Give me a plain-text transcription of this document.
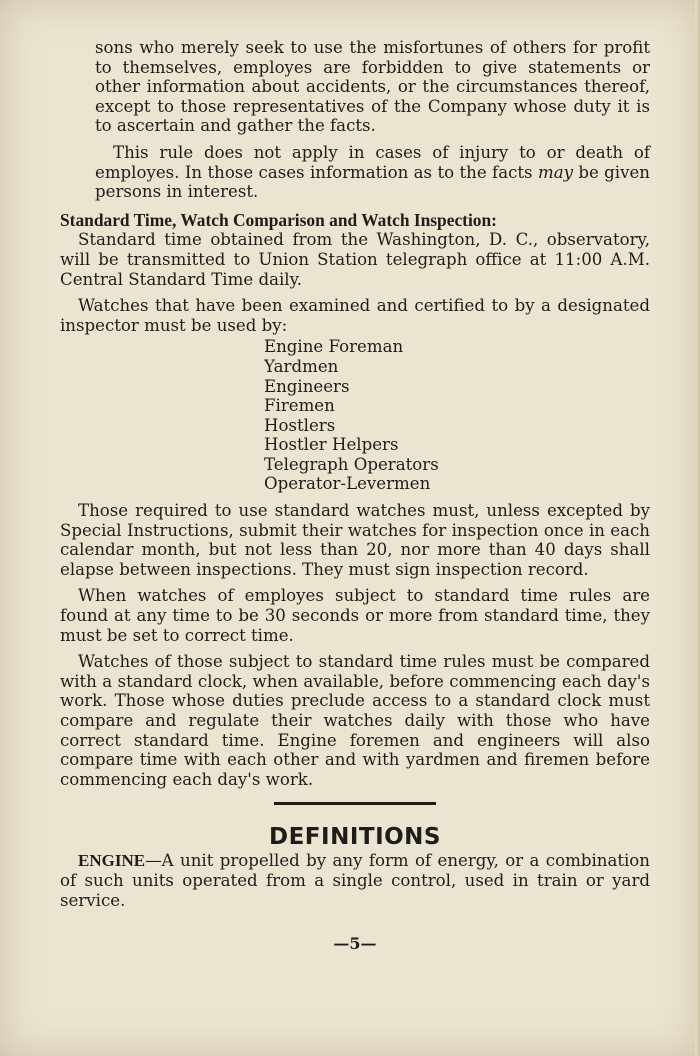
sons who merely seek to use the misfortunes of others for profit to themselves, employes are forbidden to give statements or other information about accidents, or the circumstances thereof, except to those representatives of the Company whose duty it is to ascertain and gather the facts.

This rule does not apply in cases of injury to or death of employes. In those cases information as to the facts may be given persons in interest.

Standard Time, Watch Comparison and Watch Inspection:

Standard time obtained from the Washington, D. C., observatory, will be transmitted to Union Station telegraph office at 11:00 A.M. Central Standard Time daily.

Watches that have been examined and certified to by a designated inspector must be used by:

Engine Foreman
Yardmen
Engineers
Firemen
Hostlers
Hostler Helpers
Telegraph Operators
Operator-Levermen

Those required to use standard watches must, unless excepted by Special Instructions, submit their watches for inspection once in each calendar month, but not less than 20, nor more than 40 days shall elapse between inspections. They must sign inspection record.

When watches of employes subject to standard time rules are found at any time to be 30 seconds or more from standard time, they must be set to correct time.

Watches of those subject to standard time rules must be compared with a standard clock, when available, before commencing each day's work. Those whose duties preclude access to a standard clock must compare and regulate their watches daily with those who have correct standard time. Engine foremen and engineers will also compare time with each other and with yardmen and firemen before commencing each day's work.

DEFINITIONS

ENGINE—A unit propelled by any form of energy, or a combination of such units operated from a single control, used in train or yard service.

—5—
